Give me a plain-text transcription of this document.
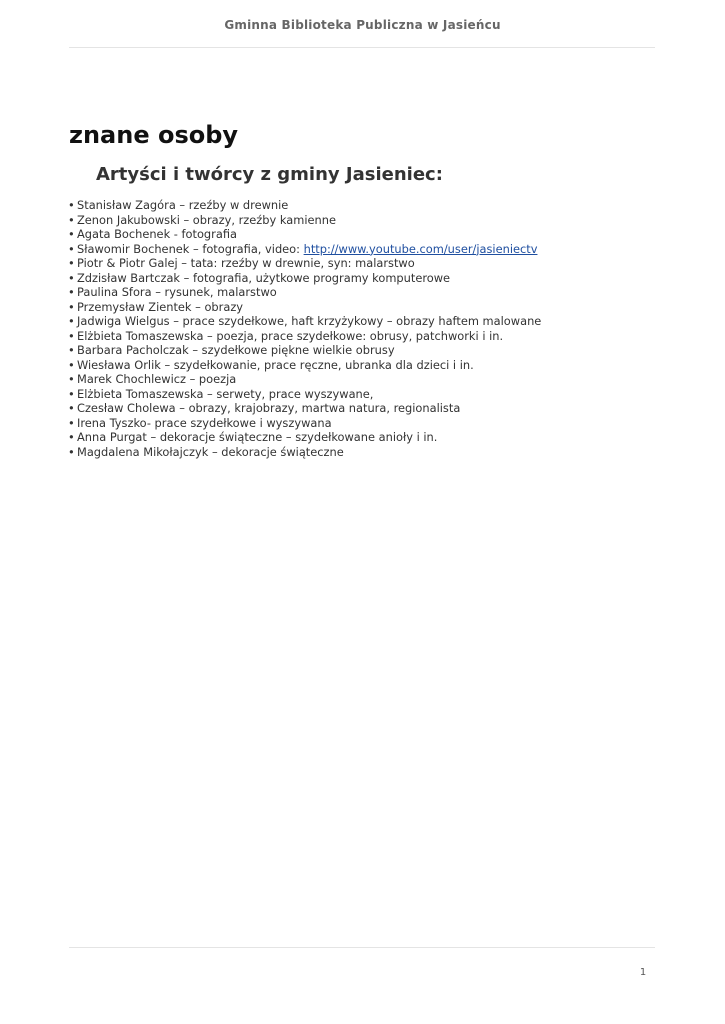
Gminna Biblioteka Publiczna w Jasieńcu
znane osoby
Artyści i twórcy z gminy Jasieniec:
• Stanisław Zagóra – rzeźby w drewnie
• Zenon Jakubowski – obrazy, rzeźby kamienne
• Agata Bochenek - fotografia
• Sławomir Bochenek – fotografia, video: http://www.youtube.com/user/jasieniectv
• Piotr & Piotr Galej – tata: rzeźby w drewnie, syn: malarstwo
• Zdzisław Bartczak – fotografia, użytkowe programy komputerowe
• Paulina Sfora – rysunek, malarstwo
• Przemysław Zientek – obrazy
• Jadwiga Wielgus – prace szydełkowe, haft krzyżykowy – obrazy haftem malowane
• Elżbieta Tomaszewska – poezja, prace szydełkowe: obrusy, patchworki i in.
• Barbara Pacholczak – szydełkowe piękne wielkie obrusy
• Wiesława Orlik – szydełkowanie, prace ręczne, ubranka dla dzieci i in.
• Marek Chochlewicz – poezja
• Elżbieta Tomaszewska – serwety, prace wyszywane,
• Czesław Cholewa – obrazy, krajobrazy, martwa natura, regionalista
• Irena Tyszko- prace szydełkowe i wyszywana
• Anna Purgat – dekoracje świąteczne – szydełkowane anioły i in.
• Magdalena Mikołajczyk – dekoracje świąteczne
1
